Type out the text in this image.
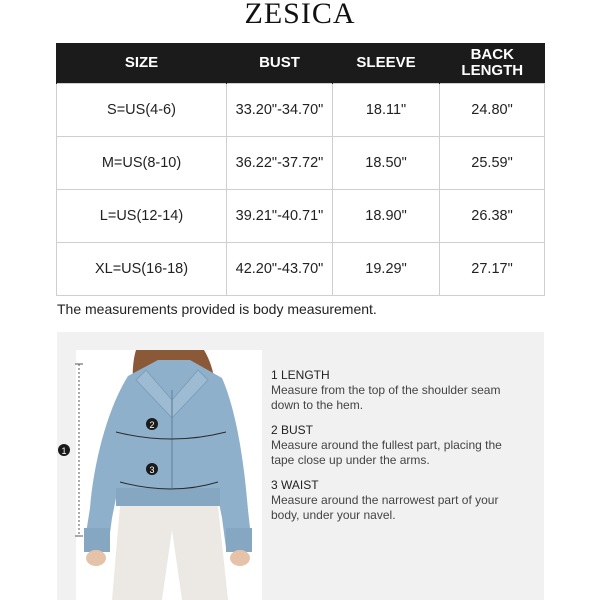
ZESICA
SIZE	BUST	SLEEVE	BACK
LENGTH
S=US(4-6)	33.20"-34.70"	18.11"	24.80"
M=US(8-10)	36.22"-37.72"	18.50"	25.59"
L=US(12-14)	39.21"-40.71"	18.90"	26.38"
XL=US(16-18)	42.20"-43.70"	19.29"	27.17"
The measurements provided is body measurement.
1
2
3
1 LENGTH
Measure from the top of the shoulder seam down to the hem.
2 BUST
Measure around the fullest part, placing the tape close up under the arms.
3 WAIST
Measure around the narrowest part of your body, under your navel.
